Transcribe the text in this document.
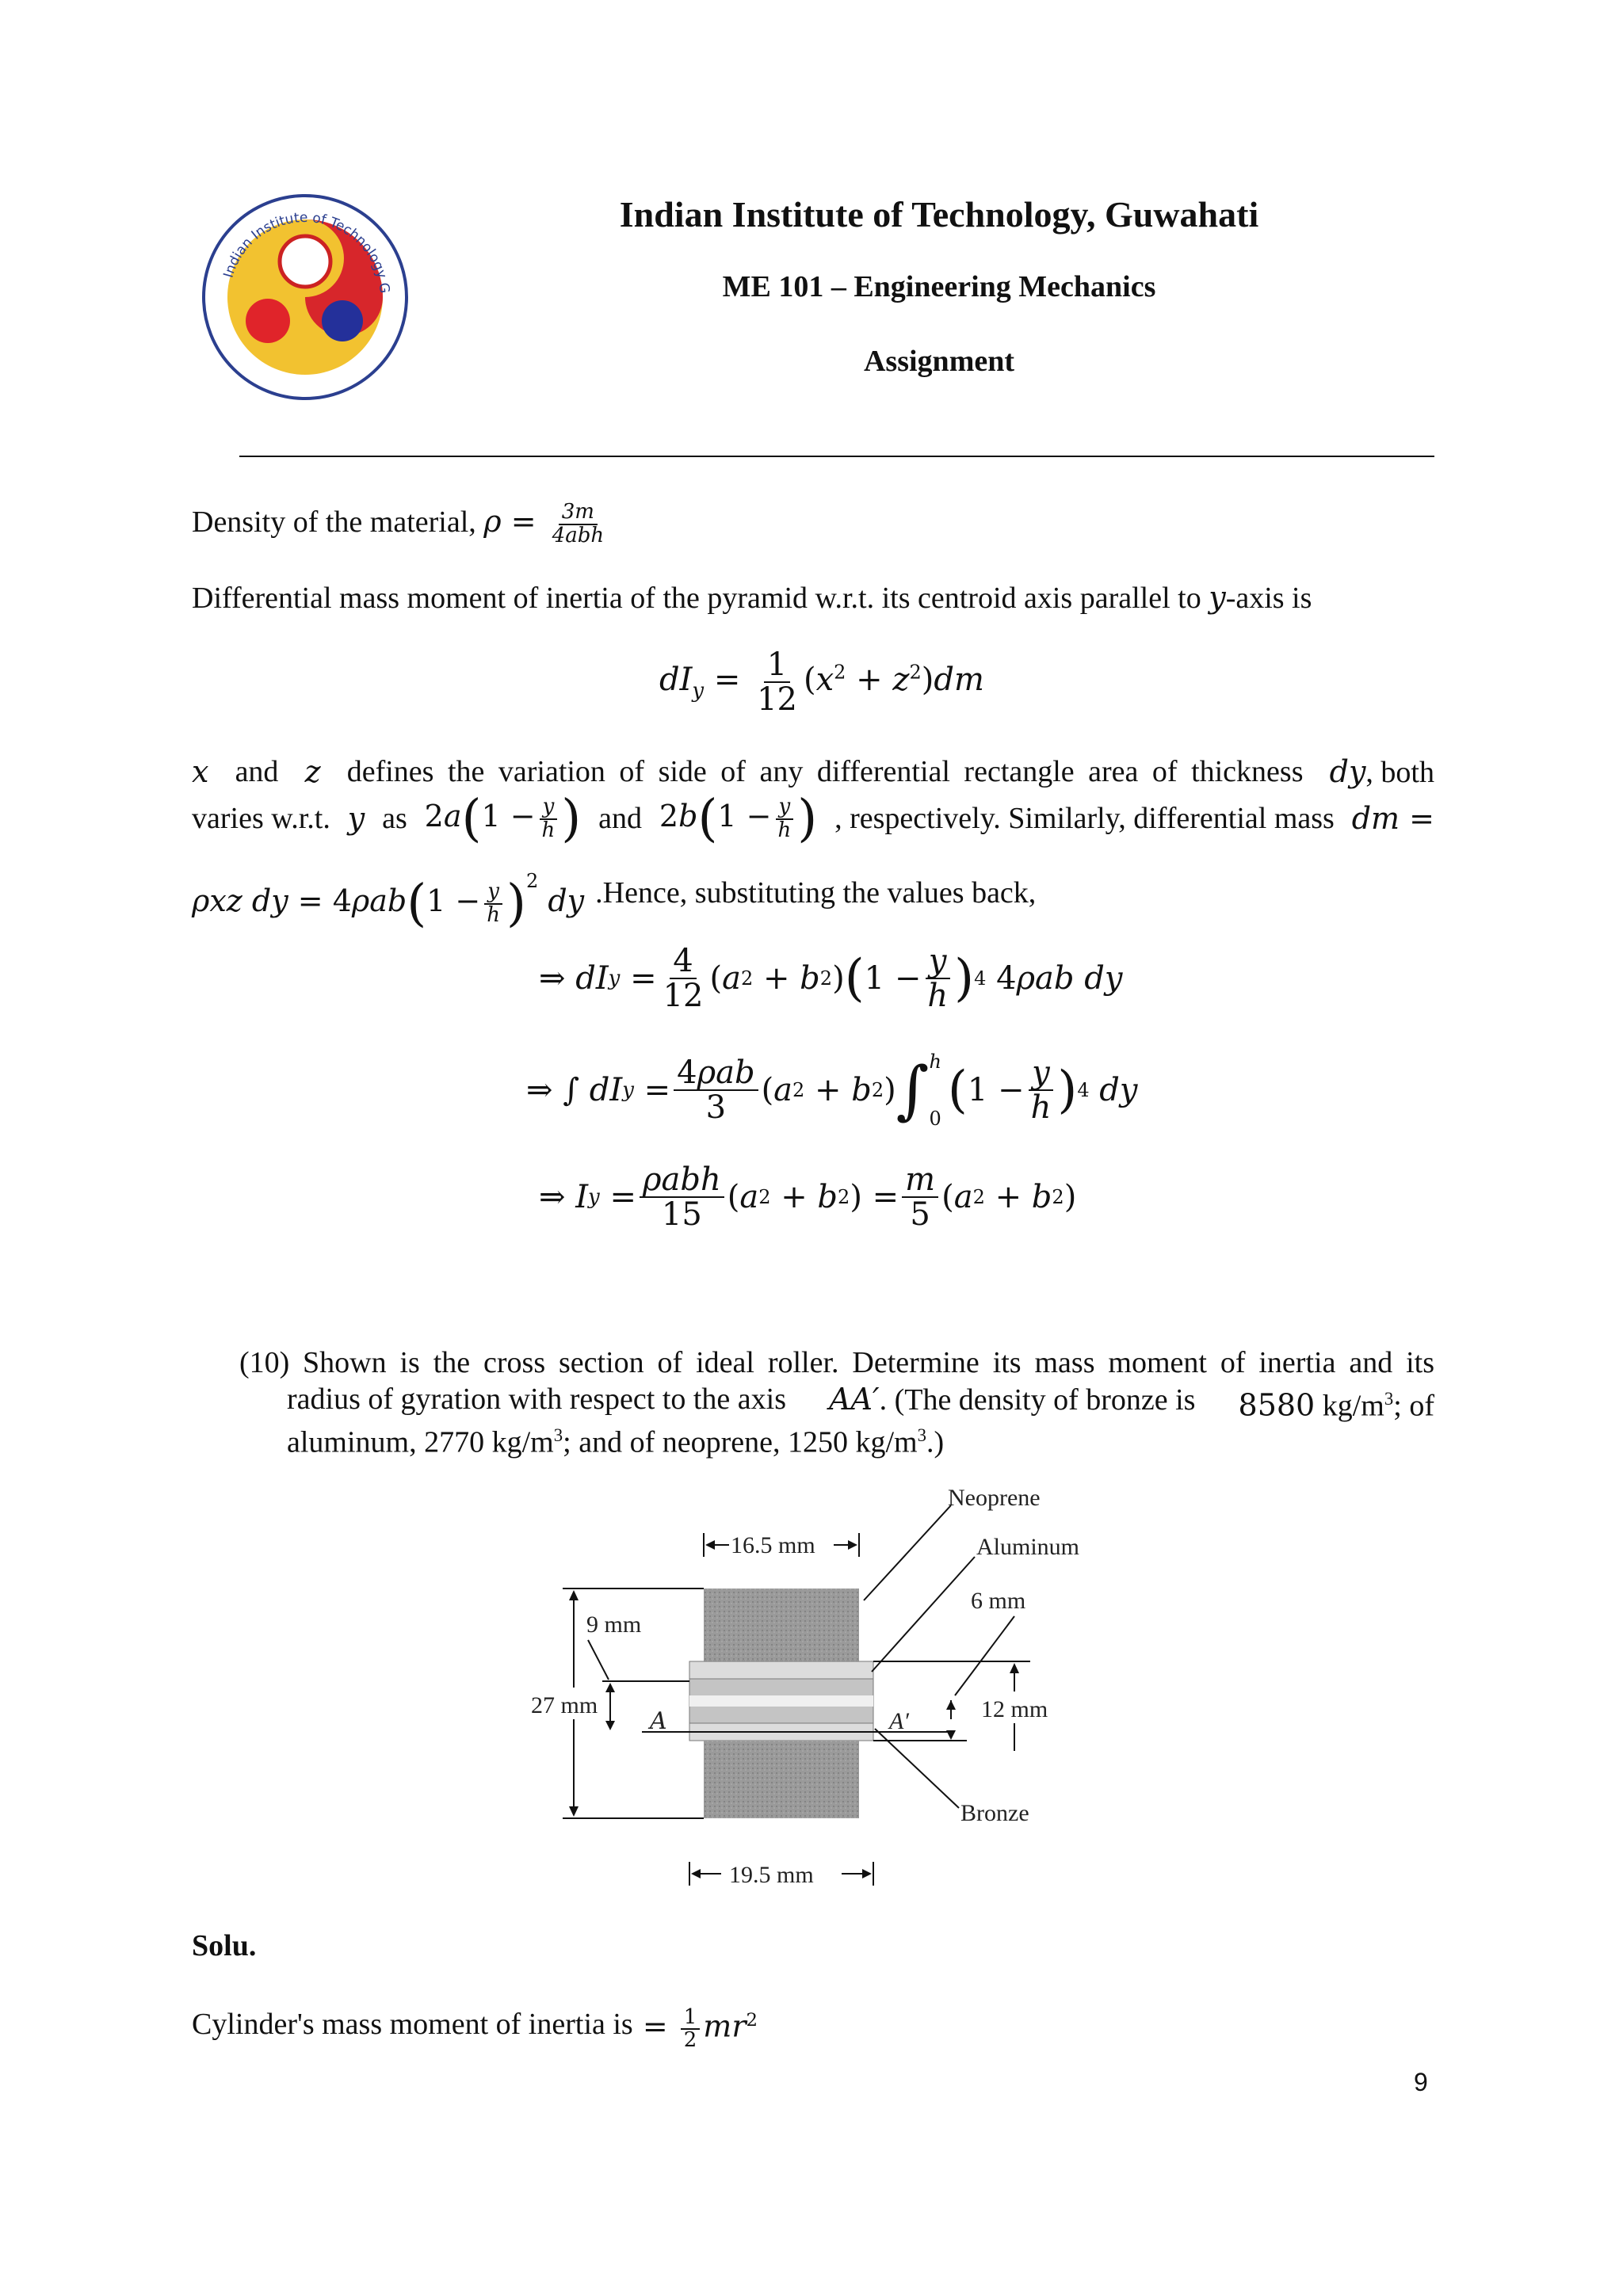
Indian Institute of Technology G
Indian Institute of Technology, Guwahati
ME 101 – Engineering Mechanics
Assignment
Density of the material, $\rho = \frac{3m}{\text{4abh}}$
Differential mass moment of inertia of the pyramid w.r.t. its centroid axis parallel to y-axis is
$dI_y = \frac{1}{12} (x^2 + z^2)dm$
x and z defines the variation of side of any differential rectangle area of thickness dy, both
varies w.r.t. y as $2a(1 - \frac{y}{h}$ ) and $2b(1 - \frac{y}{h}$ ) , respectively. Similarly, differential mass dm =
ρxz dy = $4\rho ab(1 - \frac{y}{h} )^2$ dy .Hence, substituting the values back,
⇒ dI y
= $\frac{4}{12}$ ( a 2
+ b 2 ) ( $1 - \frac{y}{h}$ ) 4
4 ρab dy
⇒ ∫ dI y
= $\frac{\text{4ρab}}{3}$ ( a 2
+ b 2 ) ∫ h
0 ( $1 - \frac{y}{h}$ ) 4 dy
⇒ I y
= $\frac{\text{ρabh}}{15}$ ( a 2
+ b 2 ) = $\frac{m}{5}$ ( a 2
+ b 2 )
(10) Shown is the cross section of ideal roller. Determine its mass moment of inertia and its
radius of gyration with respect to the axis AA′. (The density of bronze is 8580 $kg/m^3$; of
aluminum, 2770 $kg/m^3$; and of neoprene, 1250 $kg/m^3$.)
A	A′
16.5 mm
19.5 mm
27 mm
9 mm
6 mm
12 mm
Neoprene
Aluminum
Bronze
Solu.
Cylinder's mass moment of inertia is = $\frac{1}{2} mr^2$
9
